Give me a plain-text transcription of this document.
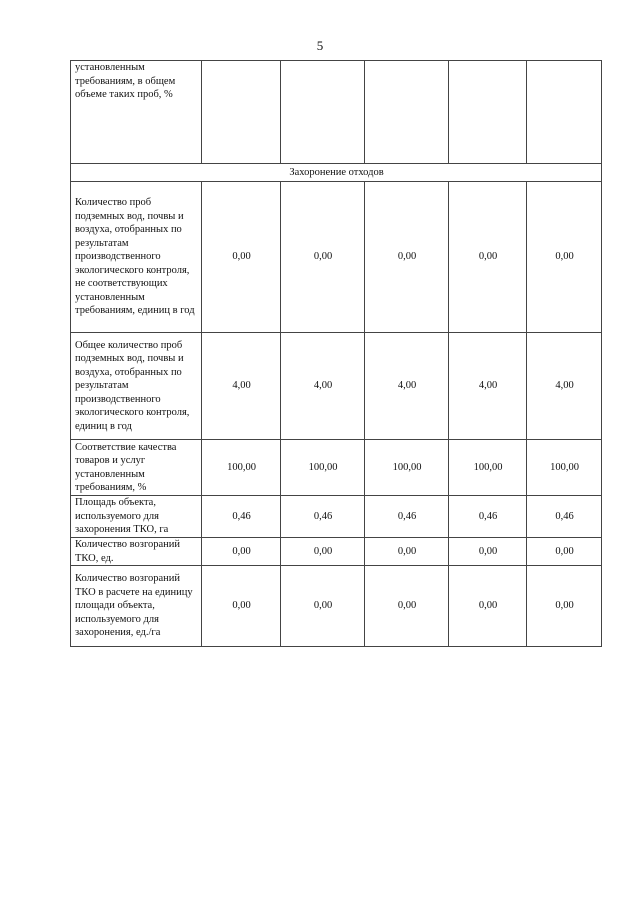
5
установленным требованиям, в общем объеме таких проб, %					
Захоронение отходов					
Количество проб подземных вод, почвы и воздуха, отобранных по результатам производственного экологического контроля, не соответствующих установленным требованиям, единиц в год	0,00	0,00	0,00	0,00	0,00
Общее количество проб подземных вод, почвы и воздуха, отобранных по результатам производственного экологического контроля, единиц в год	4,00	4,00	4,00	4,00	4,00
Соответствие качества товаров и услуг установленным требованиям, %	100,00	100,00	100,00	100,00	100,00
Площадь объекта, используемого для захоронения ТКО, га	0,46	0,46	0,46	0,46	0,46
Количество возгораний ТКО, ед.	0,00	0,00	0,00	0,00	0,00
Количество возгораний ТКО в расчете на единицу площади объекта, используемого для захоронения, ед./га	0,00	0,00	0,00	0,00	0,00
